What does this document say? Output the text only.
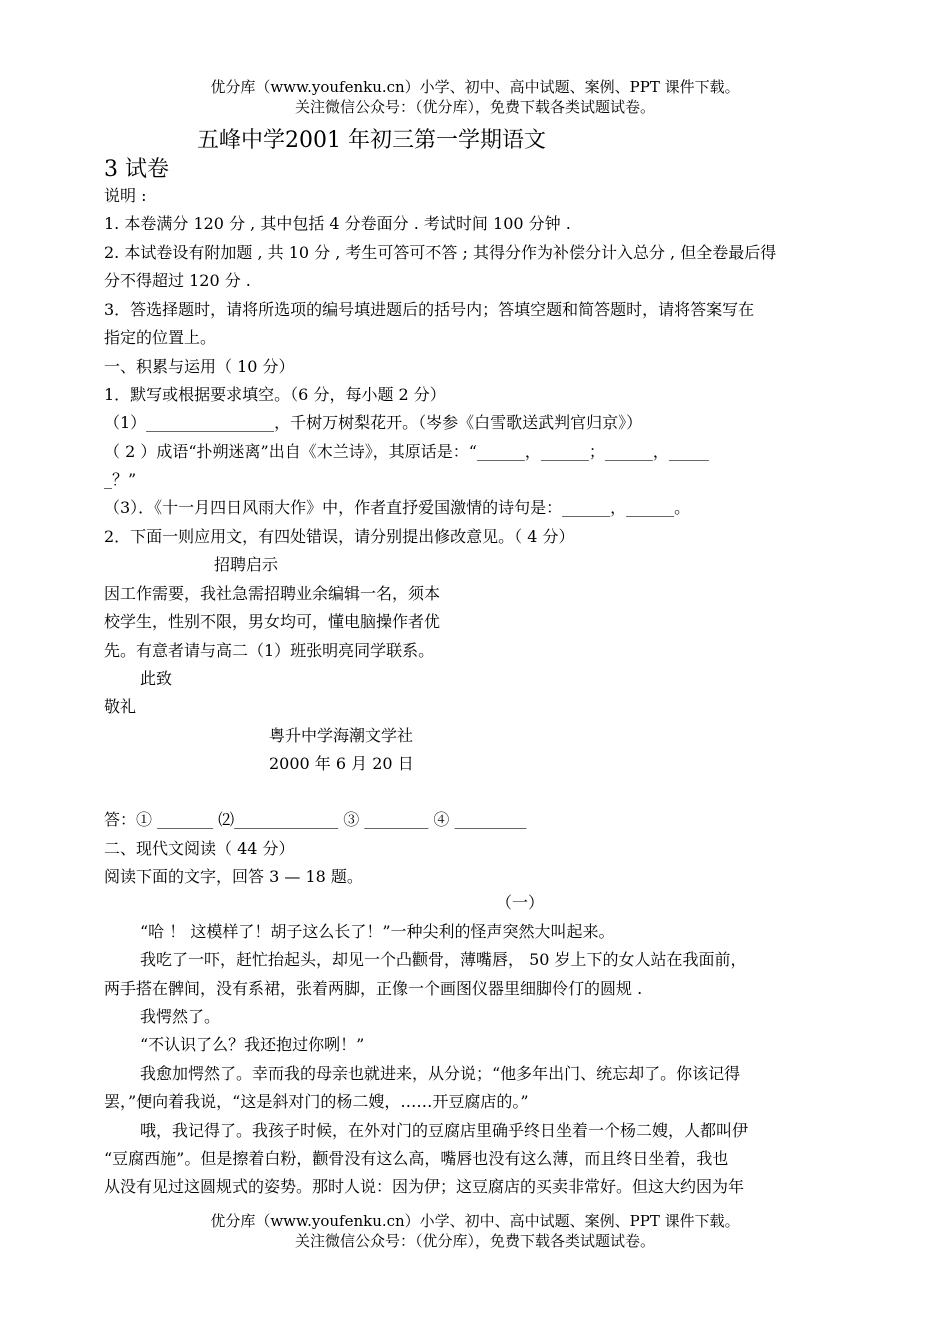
优分库（www.youfenku.cn）小学、初中、高中试题、案例、PPT 课件下载。
关注微信公众号：（优分库），免费下载各类试题试卷。
五峰中学2001 年初三第一学期语文
3 试卷
说明 :
1. 本卷满分 120 分 , 其中包括 4 分卷面分 . 考试时间 100 分钟 .
2. 本试卷设有附加题 , 共 10 分 , 考生可答可不答 ; 其得分作为补偿分计入总分 , 但全卷最后得
分不得超过 120 分 .
3．答选择题时，请将所选项的编号填进题后的括号内；答填空题和简答题时，请将答案写在
指定的位置上。
一、积累与运用（ 10 分）
1．默写或根据要求填空。（6 分，每小题 2 分）
（1）________________，千树万树梨花开。（岑参《白雪歌送武判官归京》）
（ 2 ）成语“扑朔迷离”出自《木兰诗》，其原话是：“______，______；______，_____
_？”
（3）．《十一月四日风雨大作》中，作者直抒爱国激情的诗句是：______，______。
2．下面一则应用文，有四处错误，请分别提出修改意见。（ 4 分）
招聘启示
因工作需要，我社急需招聘业余编辑一名，须本
校学生，性别不限，男女均可，懂电脑操作者优
先。有意者请与高二（1）班张明亮同学联系。
此致
敬礼
粤升中学海潮文学社
2000 年 6 月 20 日
答：① _______ ⑵_____________ ③ ________ ④ _________
二、现代文阅读（ 44 分）
阅读下面的文字，回答 3 — 18 题。
（一）
“哈 ！ 这模样了！胡子这么长了！”一种尖利的怪声突然大叫起来。
我吃了一吓，赶忙抬起头，却见一个凸颧骨，薄嘴唇， 50 岁上下的女人站在我面前，
两手搭在髀间，没有系裙，张着两脚，正像一个画图仪器里细脚伶仃的圆规 .
我愕然了。
“不认识了么？我还抱过你咧！”
我愈加愕然了。幸而我的母亲也就进来，从分说；“他多年出门、统忘却了。你该记得
罢，”便向着我说，“这是斜对门的杨二嫂，……开豆腐店的。”
哦，我记得了。我孩子时候，在外对门的豆腐店里确乎终日坐着一个杨二嫂，人都叫伊
“豆腐西施”。但是擦着白粉，颧骨没有这么高，嘴唇也没有这么薄，而且终日坐着，我也
从没有见过这圆规式的姿势。那时人说：因为伊；这豆腐店的买卖非常好。但这大约因为年
优分库（www.youfenku.cn）小学、初中、高中试题、案例、PPT 课件下载。
关注微信公众号：（优分库），免费下载各类试题试卷。
